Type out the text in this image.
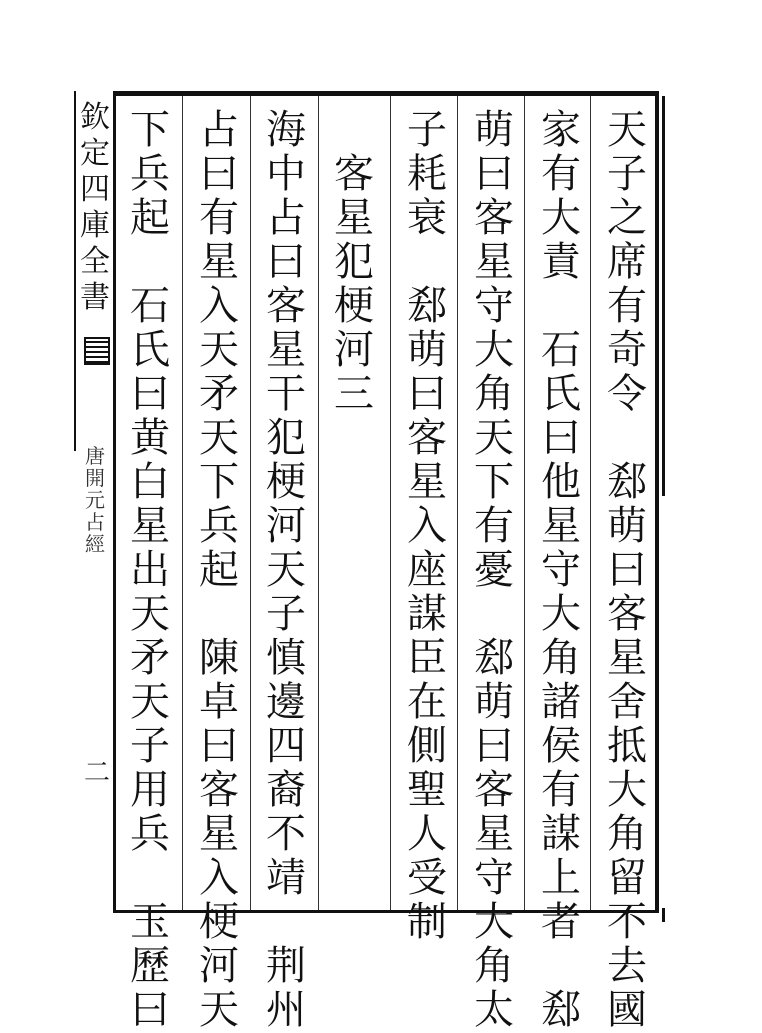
欽
定
四
庫
全
書
唐
開
元
占
經
二
天
子
之
席
有
奇
令
郄
萌
曰
客
星
舍
抵
大
角
留
不
去
國
家
有
大
責
石
氏
曰
他
星
守
大
角
諸
侯
有
謀
上
者
郄
萌
曰
客
星
守
大
角
天
下
有
憂
郄
萌
曰
客
星
守
大
角
太
子
耗
衰
郄
萌
曰
客
星
入
座
謀
臣
在
側
聖
人
受
制
客
星
犯
梗
河
三
海
中
占
曰
客
星
干
犯
梗
河
天
子
慎
邊
四
裔
不
靖
荆
州
占
曰
有
星
入
天
矛
天
下
兵
起
陳
卓
曰
客
星
入
梗
河
天
下
兵
起
石
氏
曰
黄
白
星
出
天
矛
天
子
用
兵
玉
歷
曰
